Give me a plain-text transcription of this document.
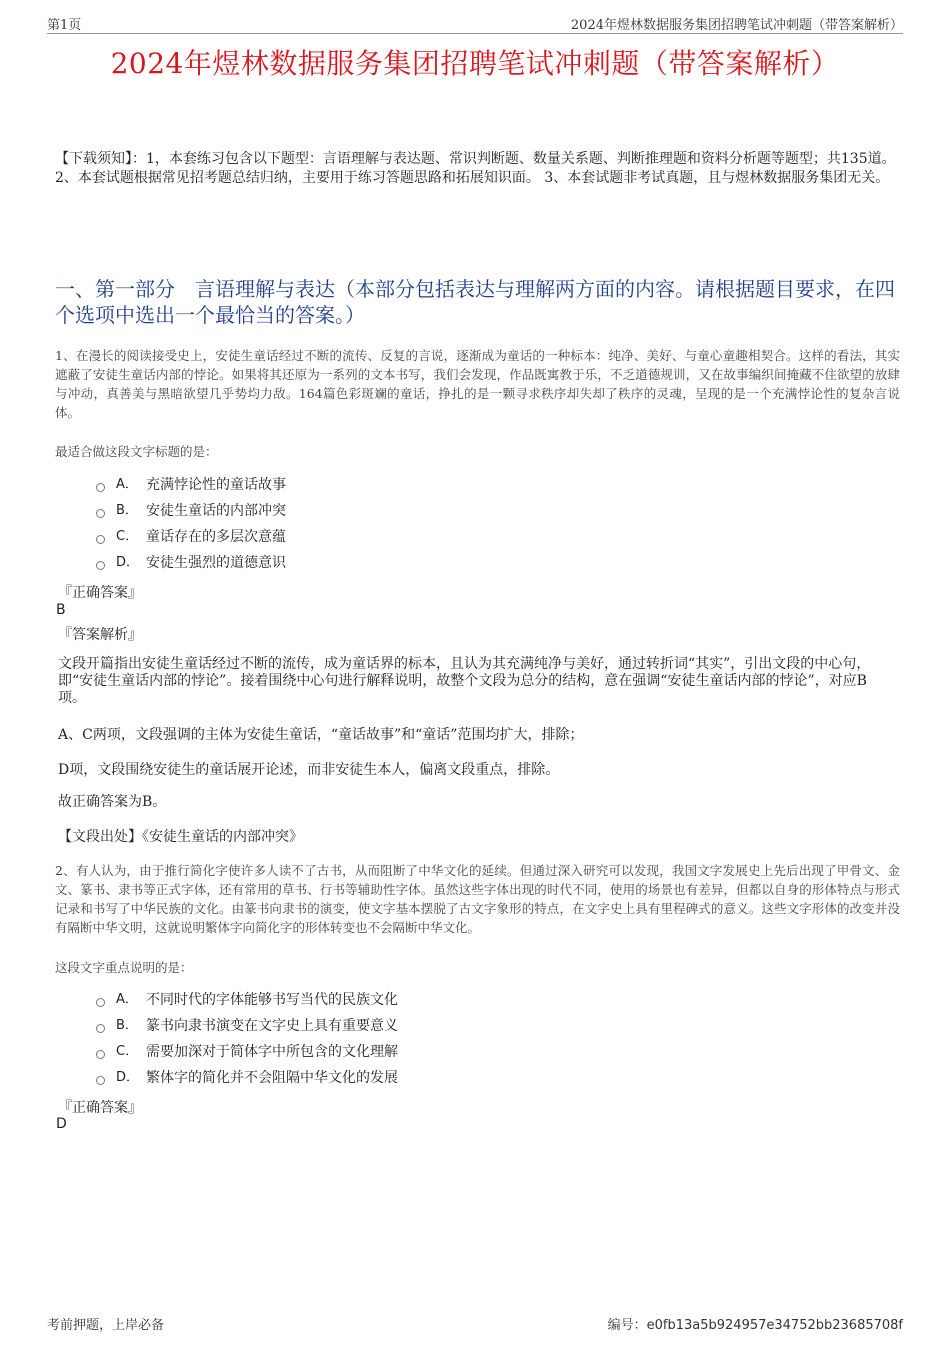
第1页	2024年煜林数据服务集团招聘笔试冲刺题（带答案解析）
2024年煜林数据服务集团招聘笔试冲刺题（带答案解析）
【下载须知】：1，本套练习包含以下题型：言语理解与表达题、常识判断题、数量关系题、判断推理题和资料分析题等题型；共135道。 2、本套试题根据常见招考题总结归纳，主要用于练习答题思路和拓展知识面。 3、本套试题非考试真题，且与煜林数据服务集团无关。
一、第一部分　言语理解与表达（本部分包括表达与理解两方面的内容。请根据题目要求，在四个选项中选出一个最恰当的答案。）
1、在漫长的阅读接受史上，安徒生童话经过不断的流传、反复的言说，逐渐成为童话的一种标本：纯净、美好、与童心童趣相契合。这样的看法，其实遮蔽了安徒生童话内部的悖论。如果将其还原为一系列的文本书写，我们会发现，作品既寓教于乐，不乏道德规训，又在故事编织间掩藏不住欲望的放肆与冲动，真善美与黑暗欲望几乎势均力敌。164篇色彩斑斓的童话，挣扎的是一颗寻求秩序却失却了秩序的灵魂，呈现的是一个充满悖论性的复杂言说体。
最适合做这段文字标题的是：
A． 充满悖论性的童话故事
B． 安徒生童话的内部冲突
C． 童话存在的多层次意蕴
D． 安徒生强烈的道德意识
『正确答案』
B
『答案解析』
文段开篇指出安徒生童话经过不断的流传，成为童话界的标本，且认为其充满纯净与美好，通过转折词“其实”，引出文段的中心句，即“安徒生童话内部的悖论”。接着围绕中心句进行解释说明，故整个文段为总分的结构，意在强调“安徒生童话内部的悖论”，对应B项。
A、C两项，文段强调的主体为安徒生童话，“童话故事”和“童话”范围均扩大，排除；
D项，文段围绕安徒生的童话展开论述，而非安徒生本人，偏离文段重点，排除。
故正确答案为B。
【文段出处】《安徒生童话的内部冲突》
2、有人认为，由于推行简化字使许多人读不了古书，从而阻断了中华文化的延续。但通过深入研究可以发现，我国文字发展史上先后出现了甲骨文、金文、篆书、隶书等正式字体，还有常用的草书、行书等辅助性字体。虽然这些字体出现的时代不同，使用的场景也有差异，但都以自身的形体特点与形式记录和书写了中华民族的文化。由篆书向隶书的演变，使文字基本摆脱了古文字象形的特点，在文字史上具有里程碑式的意义。这些文字形体的改变并没有隔断中华文明，这就说明繁体字向简化字的形体转变也不会隔断中华文化。
这段文字重点说明的是：
A． 不同时代的字体能够书写当代的民族文化
B． 篆书向隶书演变在文字史上具有重要意义
C． 需要加深对于简体字中所包含的文化理解
D． 繁体字的简化并不会阻隔中华文化的发展
『正确答案』
D
考前押题，上岸必备	编号：e0fb13a5b924957e34752bb23685708f
